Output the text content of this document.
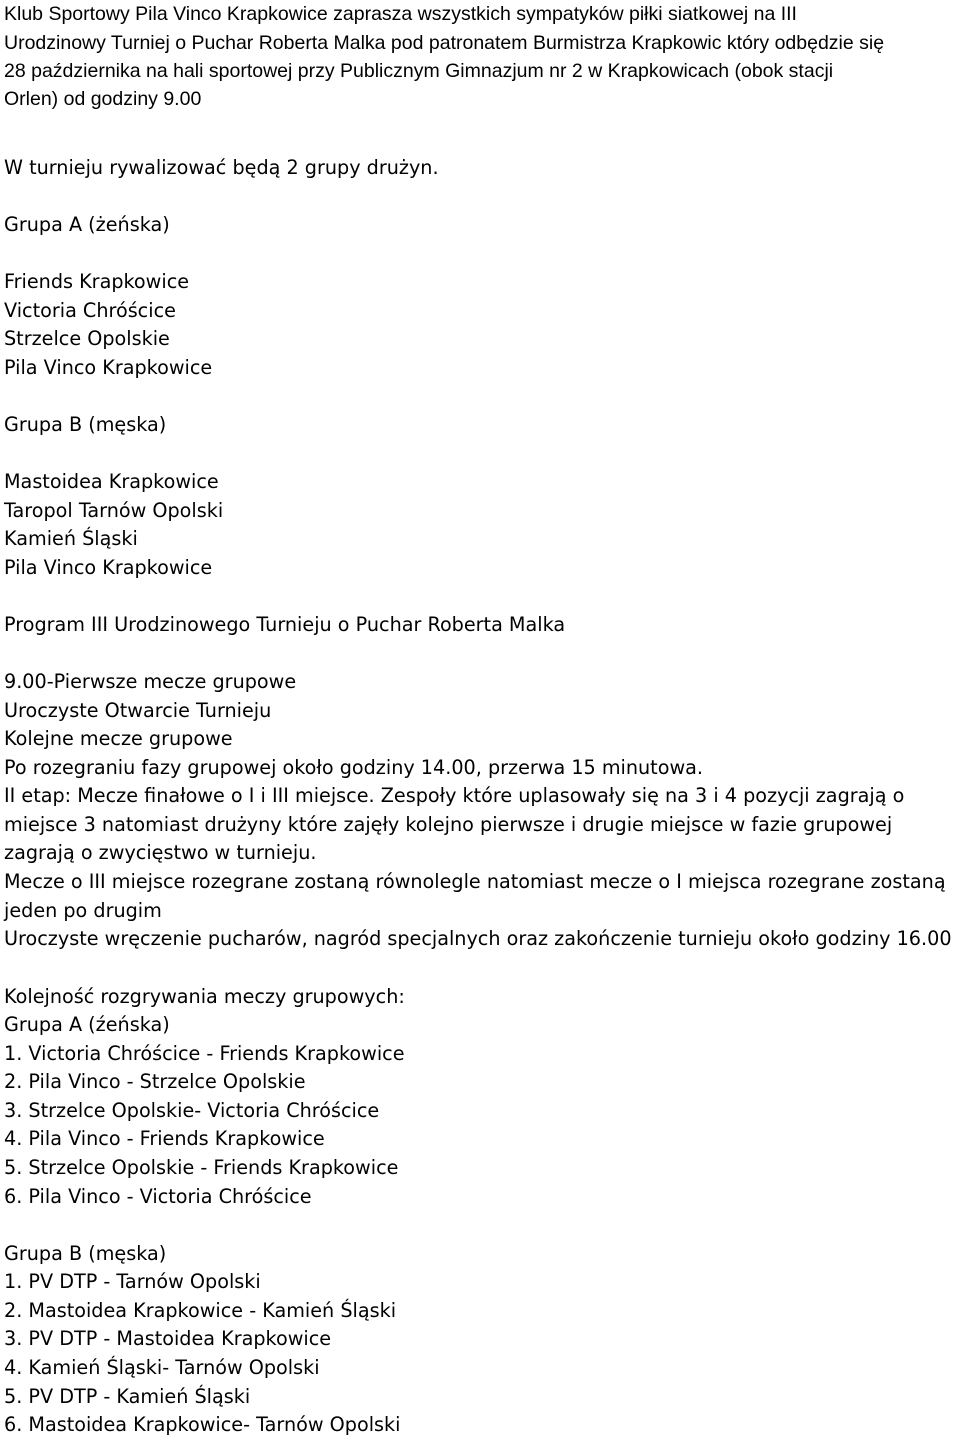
Klub Sportowy Pila Vinco Krapkowice zaprasza wszystkich sympatyków piłki siatkowej na III

Urodzinowy Turniej o Puchar Roberta Malka pod patronatem Burmistrza Krapkowic który odbędzie się

28 października na hali sportowej przy Publicznym Gimnazjum nr 2 w Krapkowicach (obok stacji

Orlen) od godziny 9.00

W turnieju rywalizować będą 2 grupy drużyn.
Grupa A (żeńska)
Friends Krapkowice
Victoria Chróścice
Strzelce Opolskie
Pila Vinco Krapkowice
Grupa B (męska)
Mastoidea Krapkowice
Taropol Tarnów Opolski
Kamień Śląski
Pila Vinco Krapkowice
Program III Urodzinowego Turnieju o Puchar Roberta Malka
9.00-Pierwsze mecze grupowe
Uroczyste Otwarcie Turnieju
Kolejne mecze grupowe
Po rozegraniu fazy grupowej około godziny 14.00, przerwa 15 minutowa.
II etap: Mecze finałowe o I i III miejsce. Zespoły które uplasowały się na 3 i 4 pozycji zagrają o miejsce 3 natomiast drużyny które zajęły kolejno pierwsze i drugie miejsce w fazie grupowej zagrają o zwycięstwo w turnieju.
Mecze o III miejsce rozegrane zostaną równolegle natomiast mecze o I miejsca rozegrane zostaną jeden po drugim
Uroczyste wręczenie pucharów, nagród specjalnych oraz zakończenie turnieju około godziny 16.00
Kolejność rozgrywania meczy grupowych:
Grupa A (źeńska)
1. Victoria Chróścice - Friends Krapkowice
2. Pila Vinco - Strzelce Opolskie
3. Strzelce Opolskie- Victoria Chróścice
4. Pila Vinco - Friends Krapkowice
5. Strzelce Opolskie - Friends Krapkowice
6. Pila Vinco - Victoria Chróścice
Grupa B (męska)
1. PV DTP - Tarnów Opolski
2. Mastoidea Krapkowice - Kamień Śląski
3. PV DTP - Mastoidea Krapkowice
4. Kamień Śląski- Tarnów Opolski
5. PV DTP - Kamień Śląski
6. Mastoidea Krapkowice- Tarnów Opolski
